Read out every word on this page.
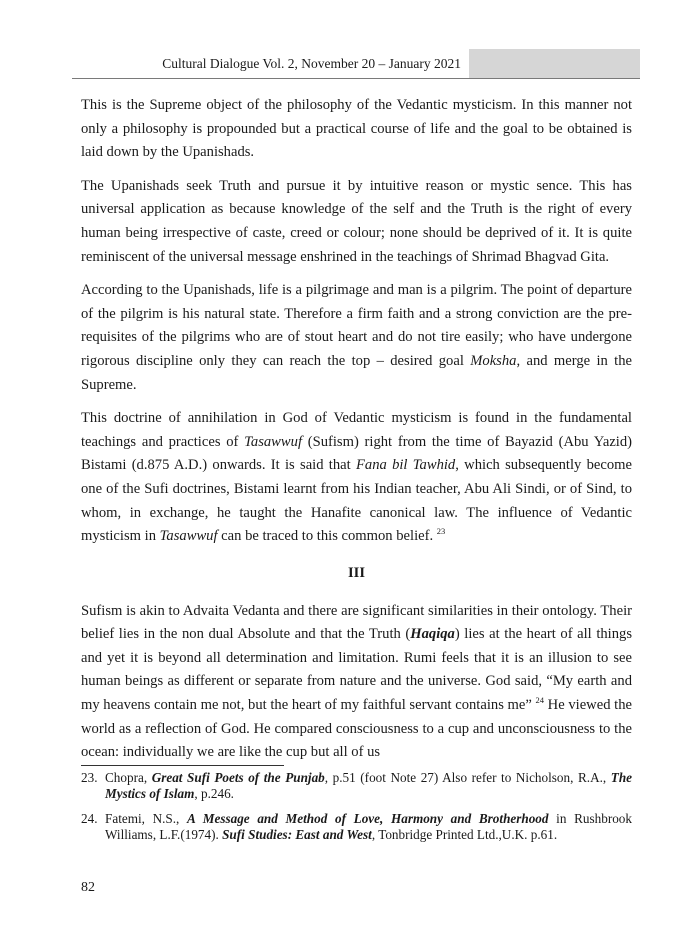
Cultural Dialogue Vol. 2, November 20 – January 2021

This is the Supreme object of the philosophy of the Vedantic mysticism. In this manner not only a philosophy is propounded but a practical course of life and the goal to be obtained is laid down by the Upanishads.

The Upanishads seek Truth and pursue it by intuitive reason or mystic sence. This has universal application as because knowledge of the self and the Truth is the right of every human being irrespective of caste, creed or colour; none should be deprived of it. It is quite reminiscent of the universal message enshrined in the teachings of Shrimad Bhagvad Gita.

According to the Upanishads, life is a pilgrimage and man is a pilgrim. The point of departure of the pilgrim is his natural state. Therefore a firm faith and a strong conviction are the pre-requisites of the pilgrims who are of stout heart and do not tire easily; who have undergone rigorous discipline only they can reach the top – desired goal Moksha, and merge in the Supreme.

This doctrine of annihilation in God of Vedantic mysticism is found in the fundamental teachings and practices of Tasawwuf (Sufism) right from the time of Bayazid (Abu Yazid) Bistami (d.875 A.D.) onwards. It is said that Fana bil Tawhid, which subsequently become one of the Sufi doctrines, Bistami learnt from his Indian teacher, Abu Ali Sindi, or of Sind, to whom, in exchange, he taught the Hanafite canonical law. The influence of Vedantic mysticism in Tasawwuf can be traced to this common belief. $^{23}$

III

Sufism is akin to Advaita Vedanta and there are significant similarities in their ontology. Their belief lies in the non dual Absolute and that the Truth (Haqiqa) lies at the heart of all things and yet it is beyond all determination and limitation. Rumi feels that it is an illusion to see human beings as different or separate from nature and the universe. God said, “My earth and my heavens contain me not, but the heart of my faithful servant contains me” $^{24}$ He viewed the world as a reflection of God. He compared consciousness to a cup and unconsciousness to the ocean: individually we are like the cup but all of us

23. Chopra, Great Sufi Poets of the Punjab, p.51 (foot Note 27) Also refer to Nicholson, R.A., The Mystics of Islam, p.246.
24. Fatemi, N.S., A Message and Method of Love, Harmony and Brotherhood in Rushbrook Williams, L.F.(1974). Sufi Studies: East and West, Tonbridge Printed Ltd.,U.K. p.61.
82
